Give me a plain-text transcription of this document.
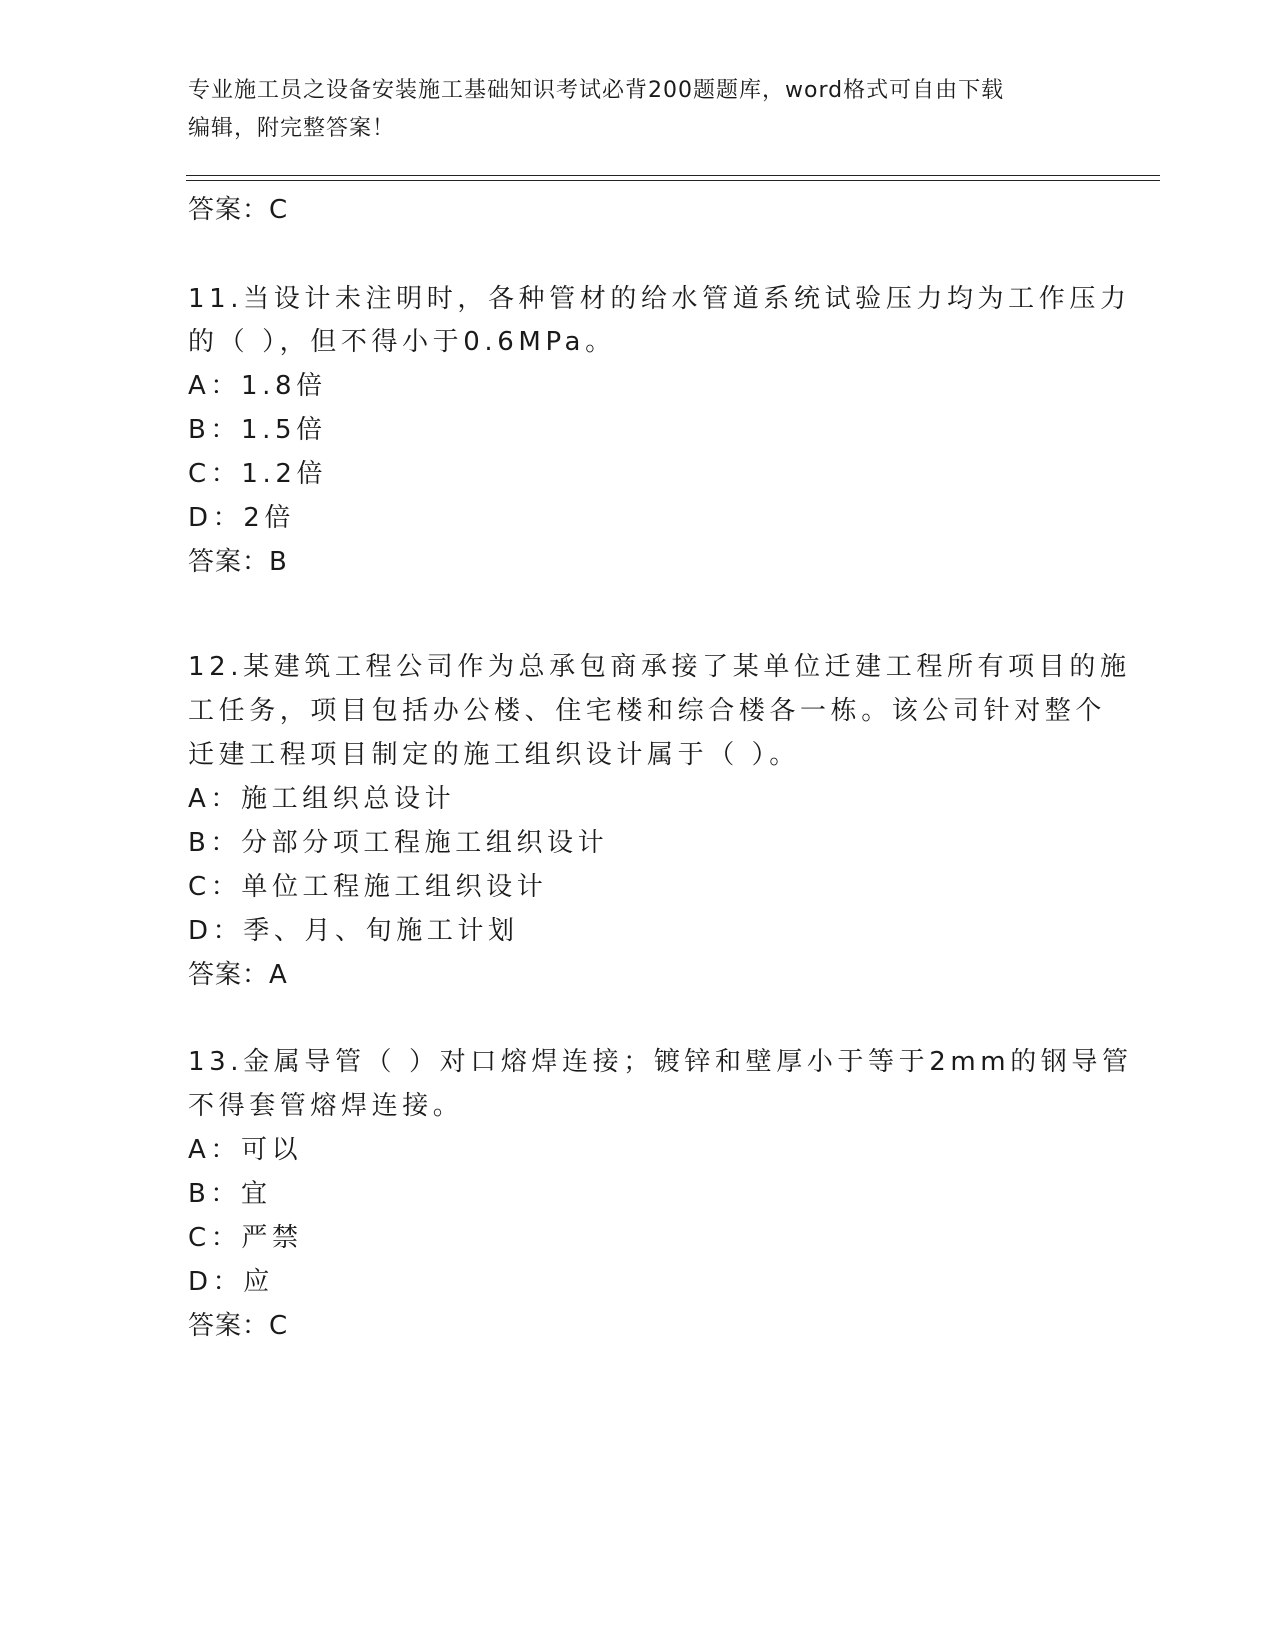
专业施工员之设备安装施工基础知识考试必背200题题库，word格式可自由下载
编辑，附完整答案！
答案：C
11.当设计未注明时，各种管材的给水管道系统试验压力均为工作压力
的（ ），但不得小于0.6MPa。
A：1.8倍
B：1.5倍
C：1.2倍
D：2倍
答案：B
12.某建筑工程公司作为总承包商承接了某单位迁建工程所有项目的施
工任务，项目包括办公楼、住宅楼和综合楼各一栋。该公司针对整个
迁建工程项目制定的施工组织设计属于（ ）。
A：施工组织总设计
B：分部分项工程施工组织设计
C：单位工程施工组织设计
D：季、月、旬施工计划
答案：A
13.金属导管（ ）对口熔焊连接；镀锌和壁厚小于等于2mm的钢导管
不得套管熔焊连接。
A：可以
B：宜
C：严禁
D：应
答案：C
